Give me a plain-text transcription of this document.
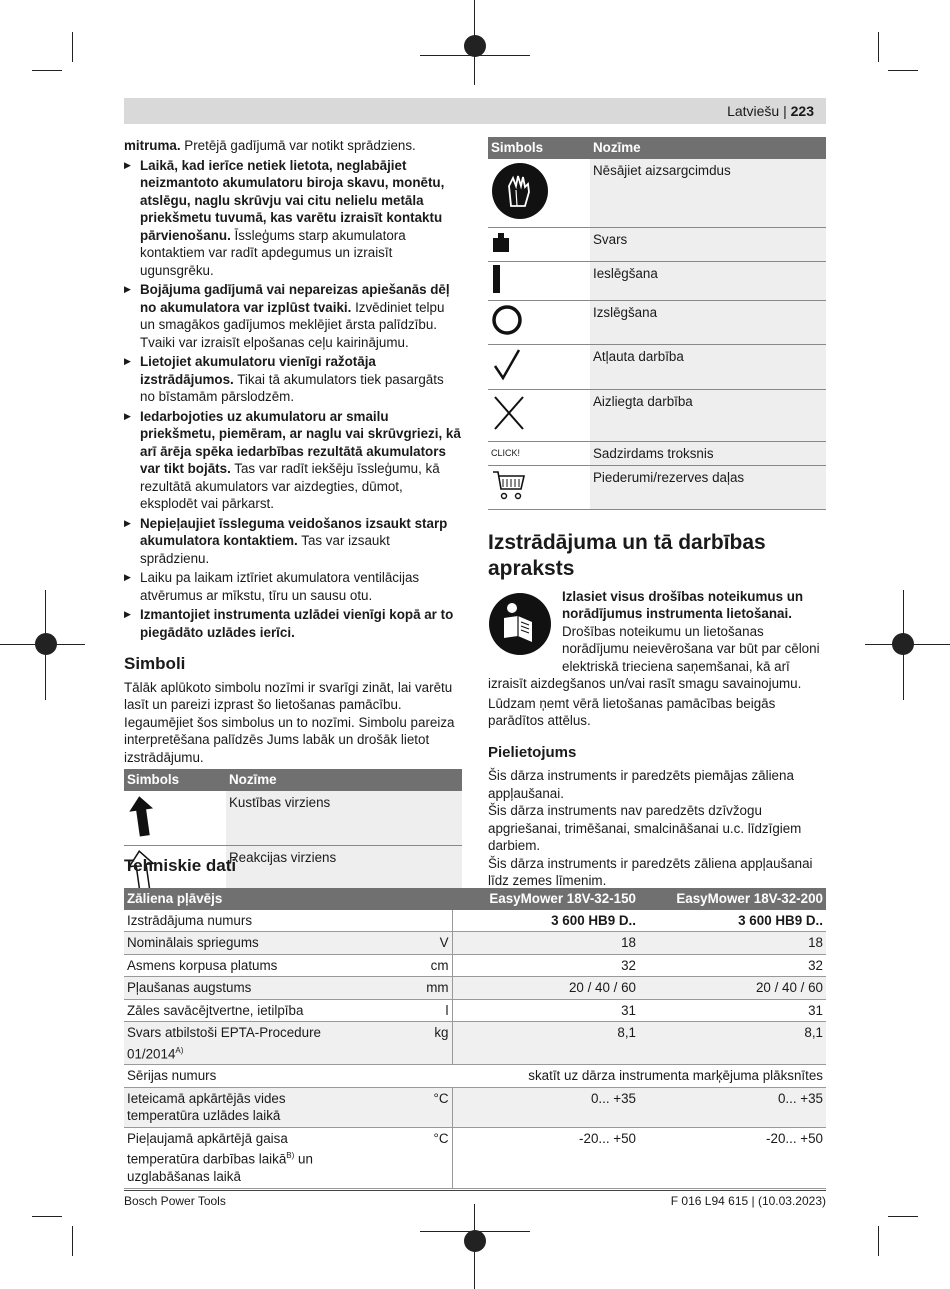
Latviešu | 223

mitruma. Pretējā gadījumā var notikt sprādziens.

▶ Laikā, kad ierīce netiek lietota, neglabājiet neizmantoto akumulatoru biroja skavu, monētu, atslēgu, naglu skrūvju vai citu nelielu metāla priekšmetu tuvumā, kas varētu izraisīt kontaktu pārvienošanu. Īssleģums starp akumulatora kontaktiem var radīt apdegumus un izraisīt ugunsgrēku.
▶ Bojājuma gadījumā vai nepareizas apiešanās dēļ no akumulatora var izplūst tvaiki. Izvēdiniet telpu un smagākos gadījumos meklējiet ārsta palīdzību. Tvaiki var izraisīt elpošanas ceļu kairinājumu.
▶ Lietojiet akumulatoru vienīgi ražotāja izstrādājumos. Tikai tā akumulators tiek pasargāts no bīstamām pārslodzēm.
▶ Iedarbojoties uz akumulatoru ar smailu priekšmetu, piemēram, ar naglu vai skrūvgriezi, kā arī ārēja spēka iedarbības rezultātā akumulators var tikt bojāts. Tas var radīt iekšēju īssleģumu, kā rezultātā akumulators var aizdegties, dūmot, eksplodēt vai pārkarst.
▶ Nepieļaujiet īssleguma veidošanos izsaukt starp akumulatora kontaktiem. Tas var izsaukt sprādzienu.
▶ Laiku pa laikam iztīriet akumulatora ventilācijas atvērumus ar mīkstu, tīru un sausu otu.
▶ Izmantojiet instrumenta uzlādei vienīgi kopā ar to piegādāto uzlādes ierīci.
Simboli

Tālāk aplūkoto simbolu nozīmi ir svarīgi zināt, lai varētu lasīt un pareizi izprast šo lietošanas pamācību. Iegaumējiet šos simbolus un to nozīmi. Simbolu pareiza interpretēšana palīdzēs Jums labāk un drošāk lietot izstrādājumu.

Simbols	Nozīme
	Kustības virziens
	Reakcijas virziens
Simbols	Nozīme
	Nēsājiet aizsargcimdus
	Svars
	Ieslēgšana
	Izslēgšana
	Atļauta darbība
	Aizliegta darbība
CLICK!	Sadzirdams troksnis
	Piederumi/rezerves daļas
Izstrādājuma un tā darbības apraksts

Izlasiet visus drošības noteikumus un norādījumus instrumenta lietošanai. Drošības noteikumu un lietošanas norādījumu neievērošana var būt par cēloni elektriskā trieciena saņemšanai, kā arī izraisīt aizdegšanos un/vai rasīt smagu savainojumu.

Lūdzam ņemt vērā lietošanas pamācības beigās parādītos attēlus.

Pielietojums

Šis dārza instruments ir paredzēts piemājas zāliena appļaušanai.

Šis dārza instruments nav paredzēts dzīvžogu apgriešanai, trimēšanai, smalcināšanai u.c. līdzīgiem darbiem.

Šis dārza instruments ir paredzēts zāliena appļaušanai līdz zemes līmenim.

Tehniskie dati
Zāliena pļāvējs		EasyMower 18V-32-150	EasyMower 18V-32-200
Izstrādājuma numurs		3 600 HB9 D..	3 600 HB9 D..
Nominālais spriegums	V	18	18
Asmens korpusa platums	cm	32	32
Pļaušanas augstums	mm	20 / 40 / 60	20 / 40 / 60
Zāles savācējtvertne, ietilpība	l	31	31
Svars atbilstoši EPTA-Procedure $01/2014^{A)}$	kg	8,1	8,1
Sērijas numurs		skatīt uz dārza instrumenta marķējuma plāksnītes	
Ieteicamā apkārtējās vides temperatūra uzlādes laikā	°C	0... +35	0... +35
Pieļaujamā apkārtējā gaisa temperatūra darbības laikā$^{B)}$ un uzglabāšanas laikā	°C	-20... +50	-20... +50
Bosch Power Tools	F 016 L94 615 | (10.03.2023)
